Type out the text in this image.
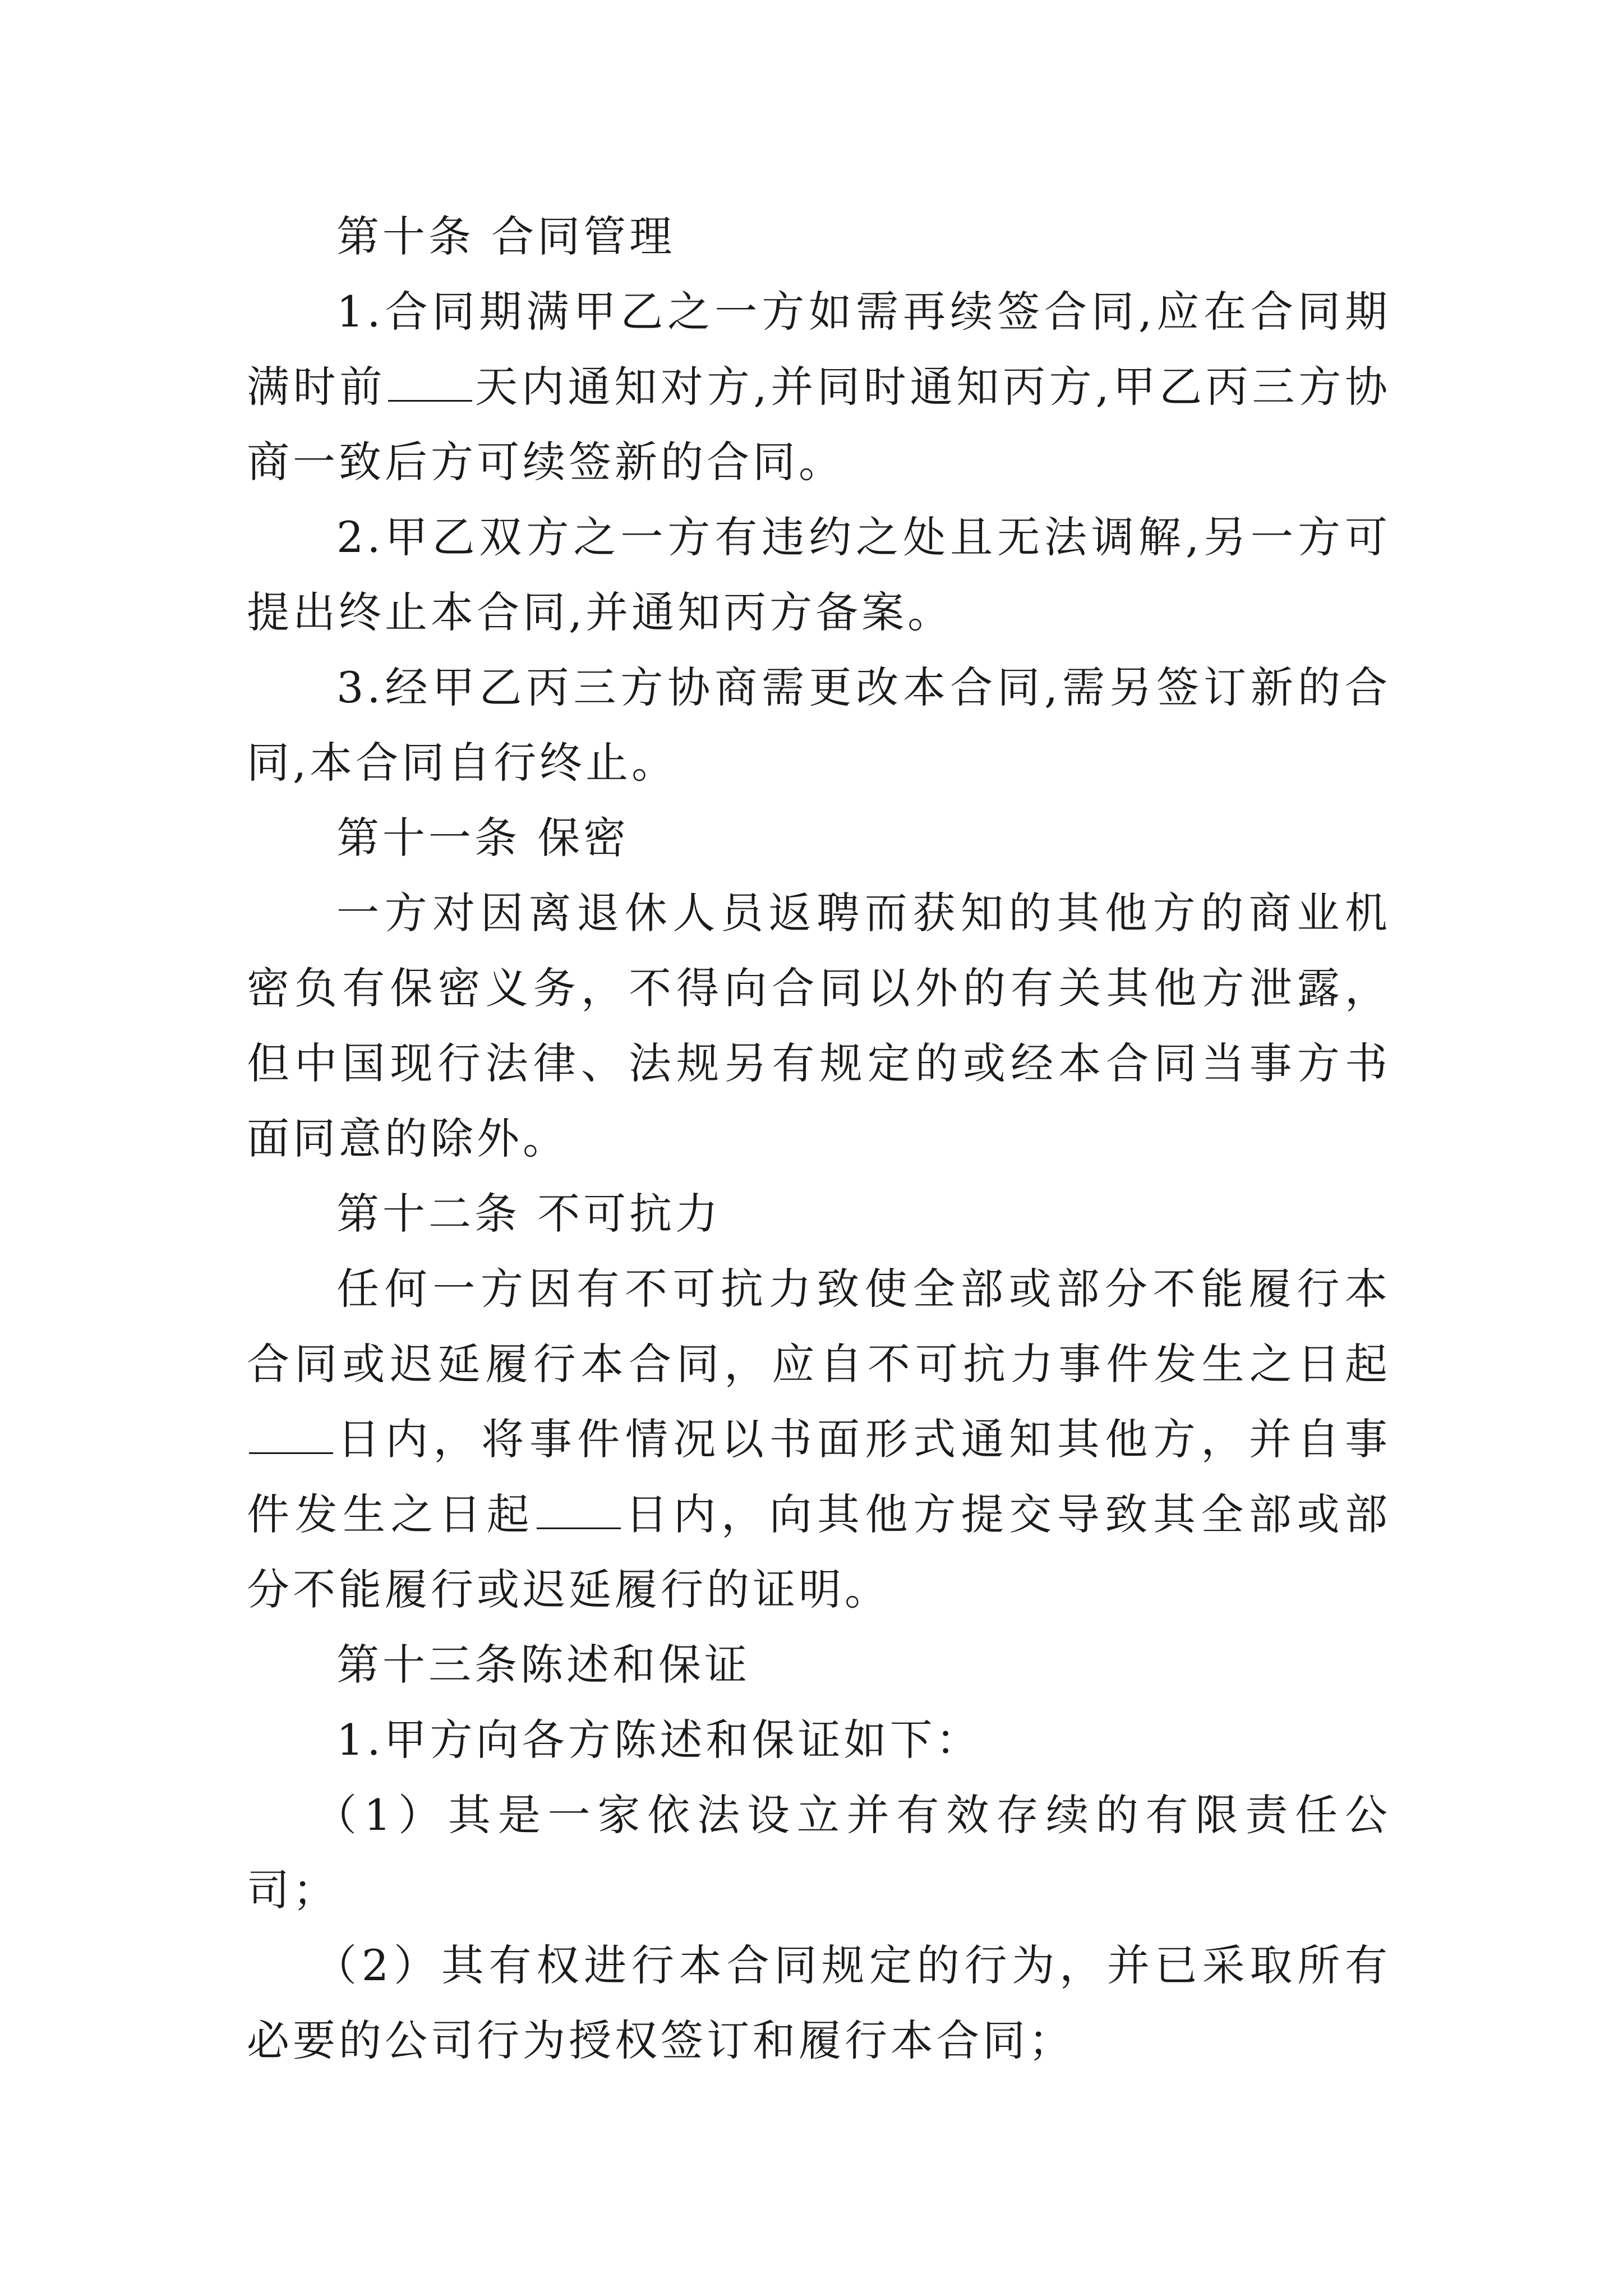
第十条 合同管理

1.合同期满甲乙之一方如需再续签合同,应在合同期满时前 天内通知对方,并同时通知丙方,甲乙丙三方协商一致后方可续签新的合同。

2.甲乙双方之一方有违约之处且无法调解,另一方可提出终止本合同,并通知丙方备案。

3.经甲乙丙三方协商需更改本合同,需另签订新的合同,本合同自行终止。

第十一条 保密

一方对因离退休人员返聘而获知的其他方的商业机密负有保密义务，不得向合同以外的有关其他方泄露，但中国现行法律、法规另有规定的或经本合同当事方书面同意的除外。

第十二条 不可抗力

任何一方因有不可抗力致使全部或部分不能履行本合同或迟延履行本合同，应自不可抗力事件发生之日起日内，将事件情况以书面形式通知其他方，并自事件发生之日起 日内，向其他方提交导致其全部或部分不能履行或迟延履行的证明。

第十三条陈述和保证

1.甲方向各方陈述和保证如下：

（1）其是一家依法设立并有效存续的有限责任公司；

（2）其有权进行本合同规定的行为，并已采取所有必要的公司行为授权签订和履行本合同；
